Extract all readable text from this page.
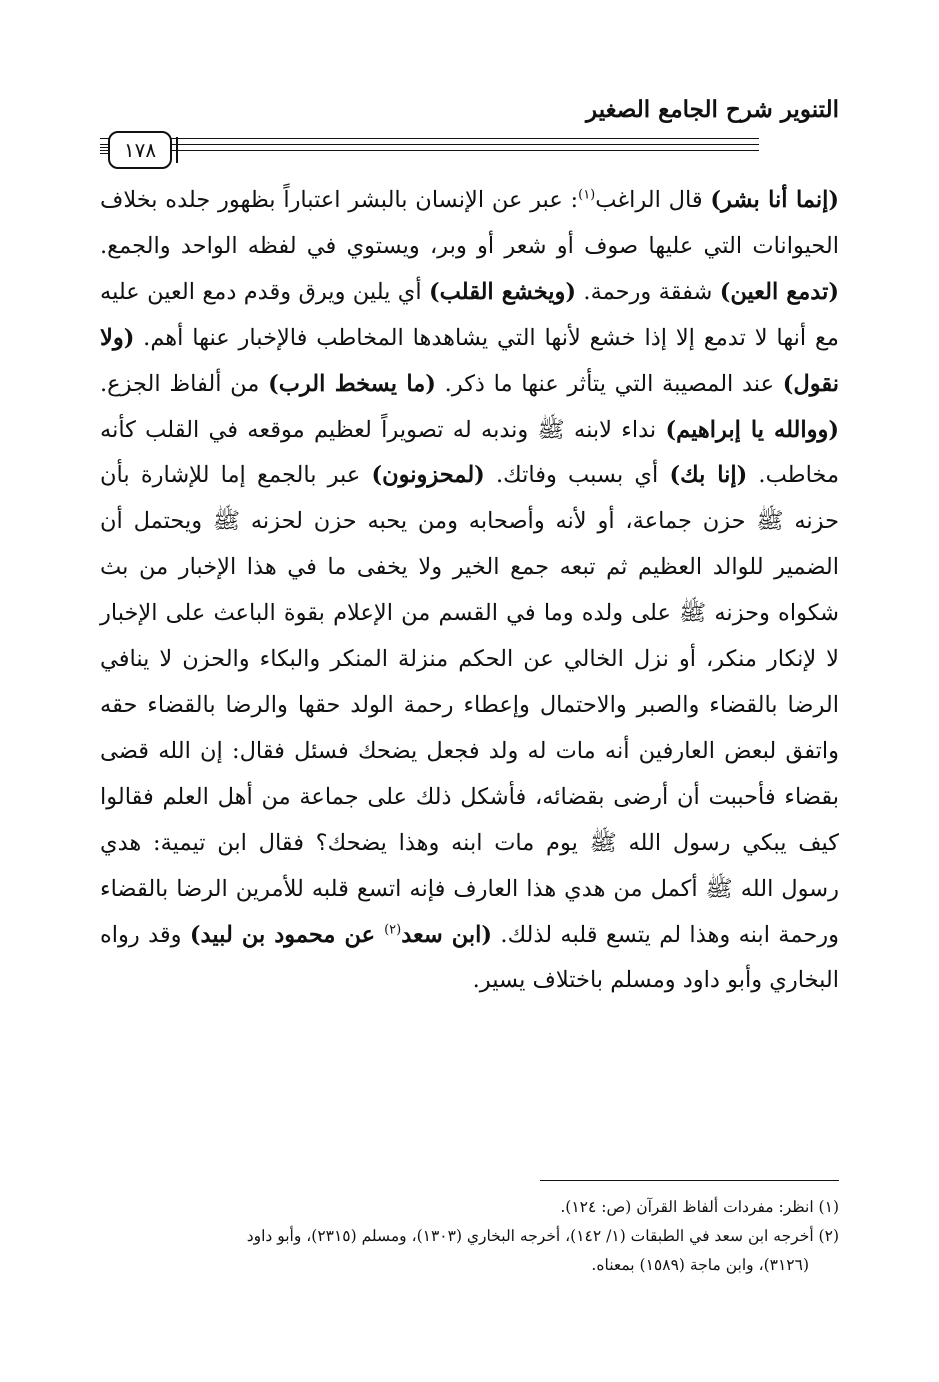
التنوير شرح الجامع الصغير
١٧٨

(إنما أنا بشر) قال الراغب$^{(١)}$: عبر عن الإنسان بالبشر اعتباراً بظهور جلده بخلاف الحيوانات التي عليها صوف أو شعر أو وبر، ويستوي في لفظه الواحد والجمع. (تدمع العين) شفقة ورحمة. (ويخشع القلب) أي يلين ويرق وقدم دمع العين عليه مع أنها لا تدمع إلا إذا خشع لأنها التي يشاهدها المخاطب فالإخبار عنها أهم. (ولا نقول) عند المصيبة التي يتأثر عنها ما ذكر. (ما يسخط الرب) من ألفاظ الجزع. (ووالله يا إبراهيم) نداء لابنه ﷺ وندبه له تصويراً لعظيم موقعه في القلب كأنه مخاطب. (إنا بك) أي بسبب وفاتك. (لمحزونون) عبر بالجمع إما للإشارة بأن حزنه ﷺ حزن جماعة، أو لأنه وأصحابه ومن يحبه حزن لحزنه ﷺ ويحتمل أن الضمير للوالد العظيم ثم تبعه جمع الخير ولا يخفى ما في هذا الإخبار من بث شكواه وحزنه ﷺ على ولده وما في القسم من الإعلام بقوة الباعث على الإخبار لا لإنكار منكر، أو نزل الخالي عن الحكم منزلة المنكر والبكاء والحزن لا ينافي الرضا بالقضاء والصبر والاحتمال وإعطاء رحمة الولد حقها والرضا بالقضاء حقه واتفق لبعض العارفين أنه مات له ولد فجعل يضحك فسئل فقال: إن الله قضى بقضاء فأحببت أن أرضى بقضائه، فأشكل ذلك على جماعة من أهل العلم فقالوا كيف يبكي رسول الله ﷺ يوم مات ابنه وهذا يضحك؟ فقال ابن تيمية: هدي رسول الله ﷺ أكمل من هدي هذا العارف فإنه اتسع قلبه للأمرين الرضا بالقضاء ورحمة ابنه وهذا لم يتسع قلبه لذلك. (ابن سعد$^{(٢)}$ عن محمود بن لبيد) وقد رواه البخاري وأبو داود ومسلم باختلاف يسير.

(١) انظر: مفردات ألفاظ القرآن (ص: ١٢٤).
(٢) أخرجه ابن سعد في الطبقات (١/ ١٤٢)، أخرجه البخاري (١٣٠٣)، ومسلم (٢٣١٥)، وأبو داود
(٣١٢٦)، وابن ماجة (١٥٨٩) بمعناه.
